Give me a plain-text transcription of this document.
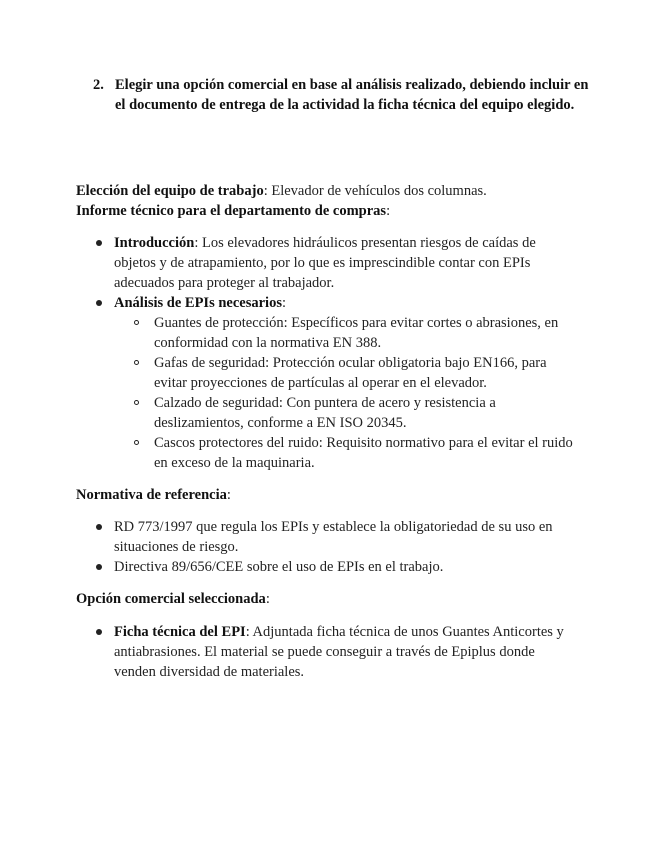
2. Elegir una opción comercial en base al análisis realizado, debiendo incluir en el documento de entrega de la actividad la ficha técnica del equipo elegido.
Elección del equipo de trabajo: Elevador de vehículos dos columnas.
Informe técnico para el departamento de compras:
Introducción: Los elevadores hidráulicos presentan riesgos de caídas de objetos y de atrapamiento, por lo que es imprescindible contar con EPIs adecuados para proteger al trabajador.
Análisis de EPIs necesarios:
Guantes de protección: Específicos para evitar cortes o abrasiones, en conformidad con la normativa EN 388.
Gafas de seguridad: Protección ocular obligatoria bajo EN166, para evitar proyecciones de partículas al operar en el elevador.
Calzado de seguridad: Con puntera de acero y resistencia a deslizamientos, conforme a EN ISO 20345.
Cascos protectores del ruido: Requisito normativo para el evitar el ruido en exceso de la maquinaria.
Normativa de referencia:
RD 773/1997 que regula los EPIs y establece la obligatoriedad de su uso en situaciones de riesgo.
Directiva 89/656/CEE sobre el uso de EPIs en el trabajo.
Opción comercial seleccionada:
Ficha técnica del EPI: Adjuntada ficha técnica de unos Guantes Anticortes y antiabrasiones. El material se puede conseguir a través de Epiplus donde venden diversidad de materiales.
